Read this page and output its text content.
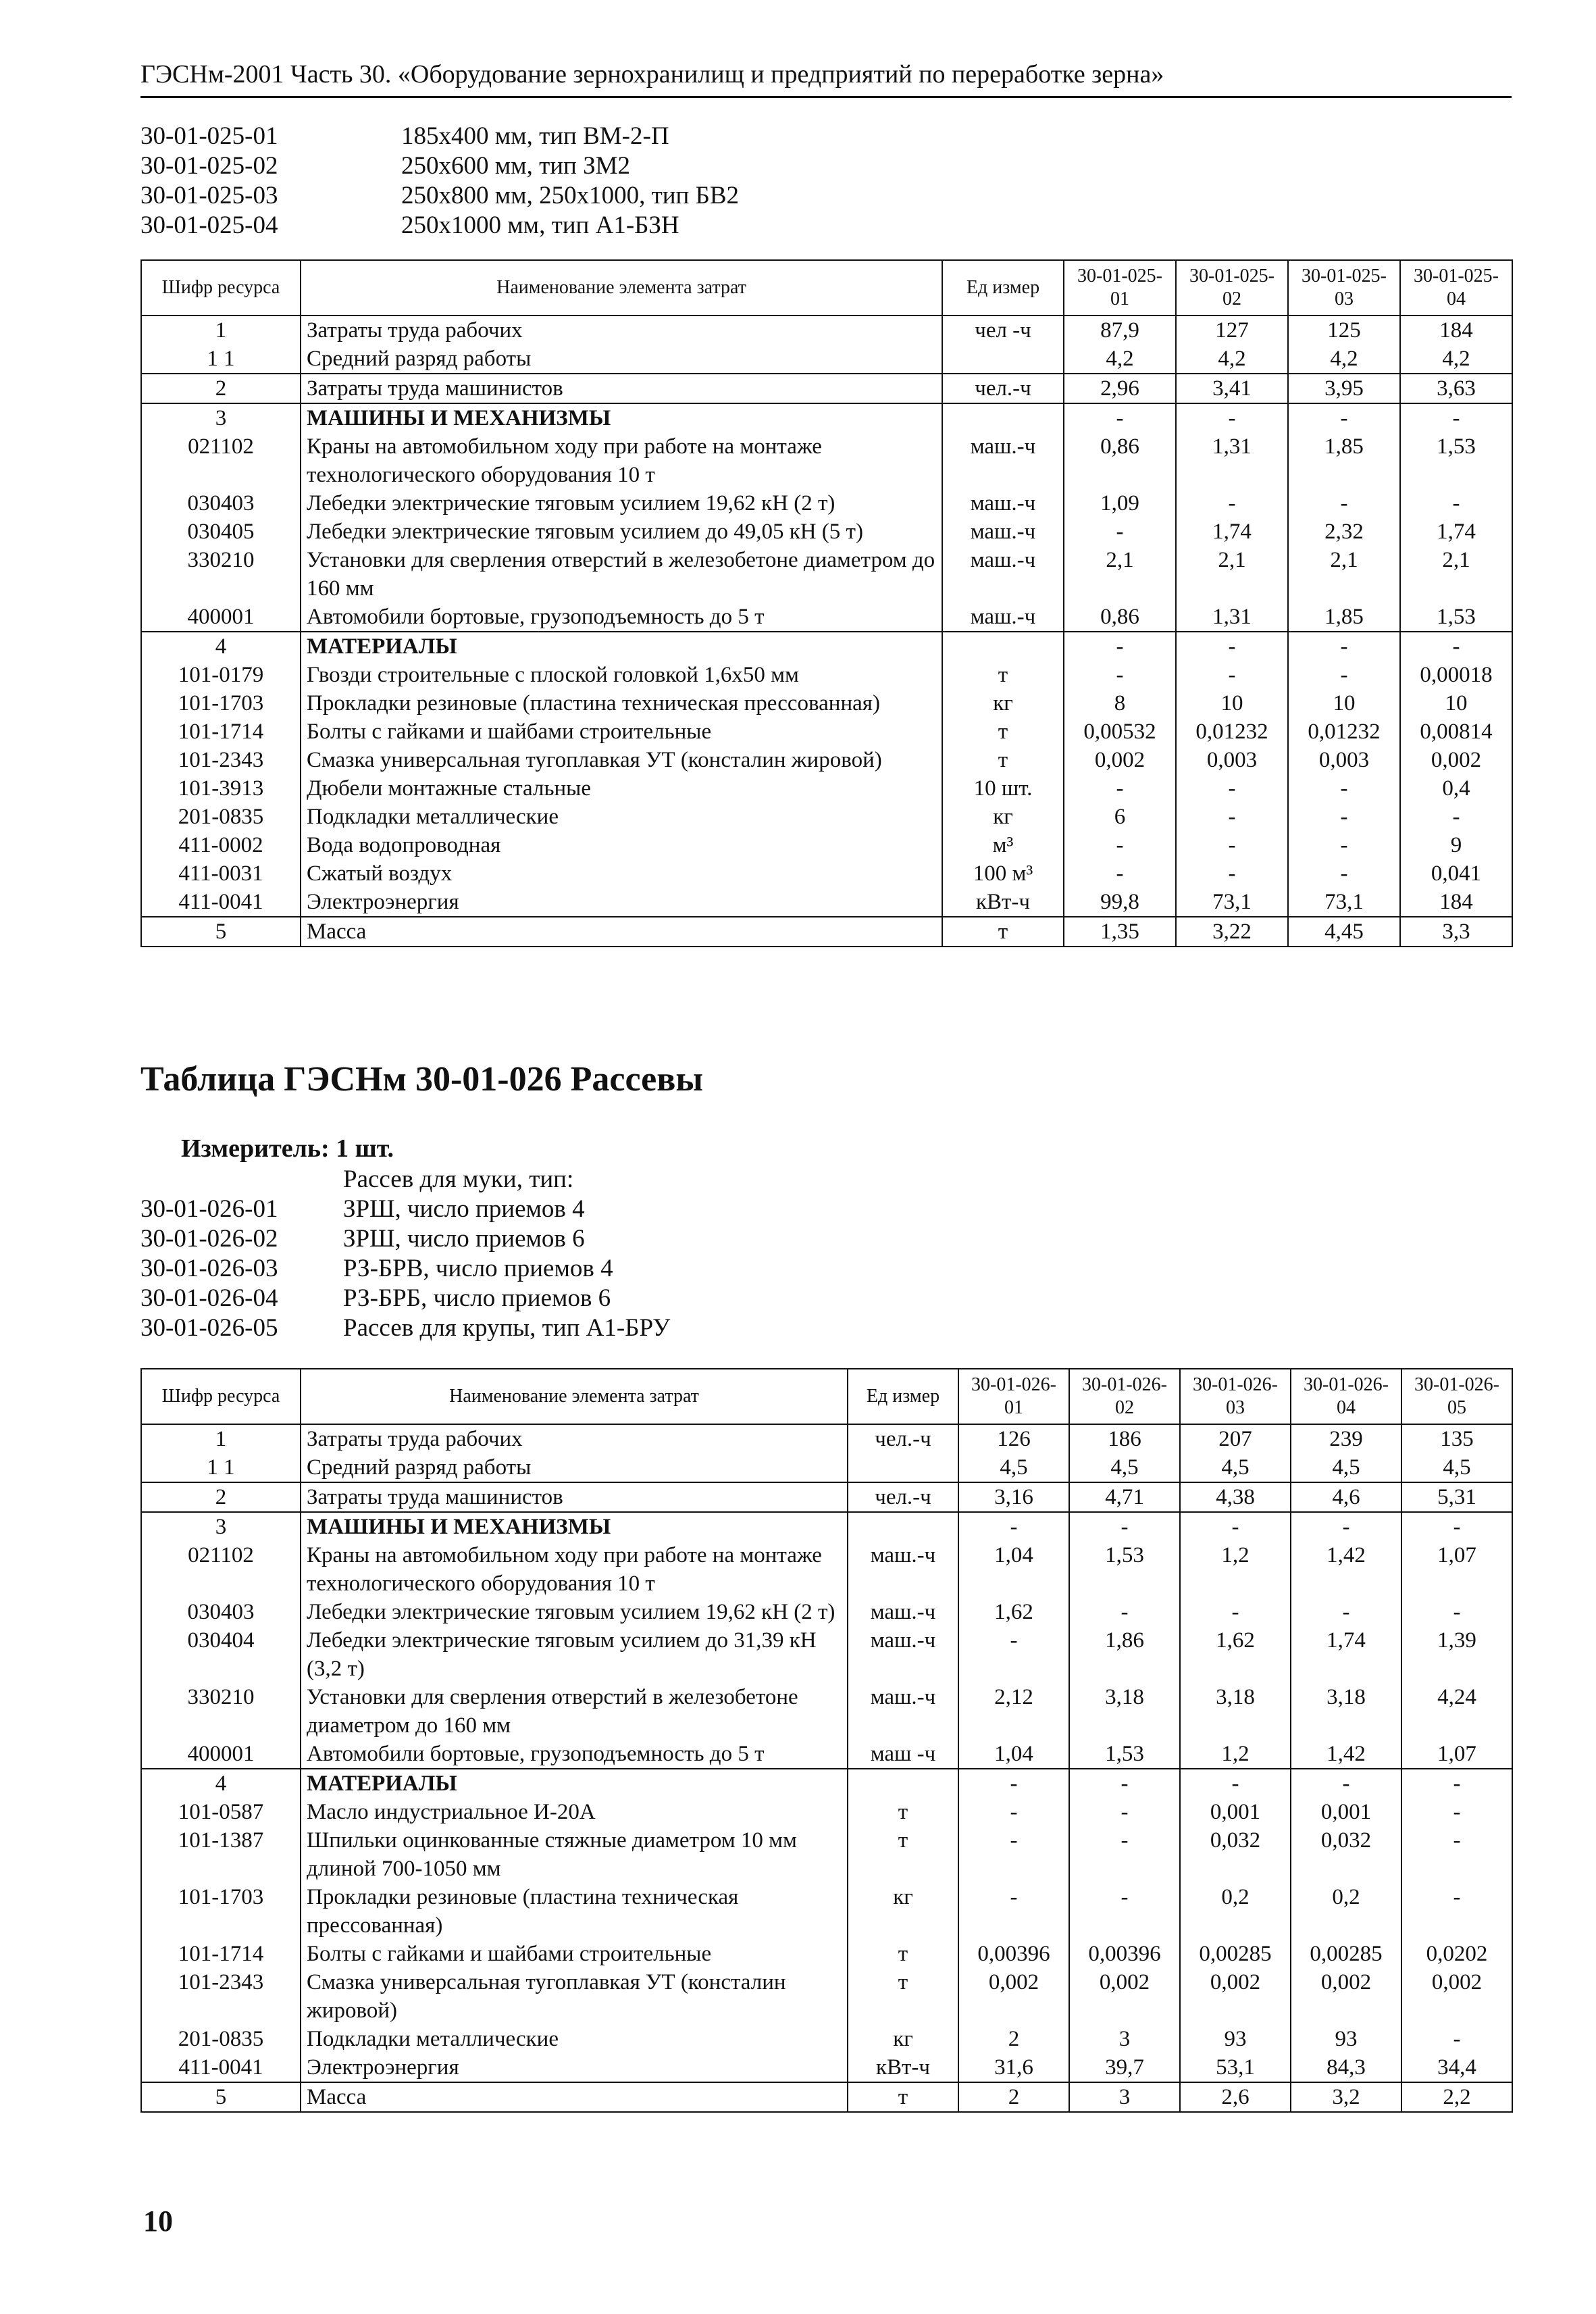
ГЭСНм-2001 Часть 30. «Оборудование зернохранилищ и предприятий по переработке зерна»
30-01-025-01	185x400 мм, тип ВМ-2-П
30-01-025-02	250x600 мм, тип ЗМ2
30-01-025-03	250x800 мм, 250x1000, тип БВ2
30-01-025-04	250x1000 мм, тип А1-БЗН
Шифр ресурса	Наименование элемента затрат	Ед измер	30-01-025-01	30-01-025-02	30-01-025-03	30-01-025-04
1	Затраты труда рабочих	чел -ч	87,9	127	125	184
1 1	Средний разряд работы		4,2	4,2	4,2	4,2
2	Затраты труда машинистов	чел.-ч	2,96	3,41	3,95	3,63
3	МАШИНЫ И МЕХАНИЗМЫ		-	-	-	-
021102	Краны на автомобильном ходу при работе на монтаже технологического оборудования 10 т	маш.-ч	0,86	1,31	1,85	1,53
030403	Лебедки электрические тяговым усилием 19,62 кН (2 т)	маш.-ч	1,09	-	-	-
030405	Лебедки электрические тяговым усилием до 49,05 кН (5 т)	маш.-ч	-	1,74	2,32	1,74
330210	Установки для сверления отверстий в железобетоне диаметром до 160 мм	маш.-ч	2,1	2,1	2,1	2,1
400001	Автомобили бортовые, грузоподъемность до 5 т	маш.-ч	0,86	1,31	1,85	1,53
4	МАТЕРИАЛЫ		-	-	-	-
101-0179	Гвозди строительные с плоской головкой 1,6x50 мм	т	-	-	-	0,00018
101-1703	Прокладки резиновые (пластина техническая прессованная)	кг	8	10	10	10
101-1714	Болты с гайками и шайбами строительные	т	0,00532	0,01232	0,01232	0,00814
101-2343	Смазка универсальная тугоплавкая УТ (консталин жировой)	т	0,002	0,003	0,003	0,002
101-3913	Дюбели монтажные стальные	10 шт.	-	-	-	0,4
201-0835	Подкладки металлические	кг	6	-	-	-
411-0002	Вода водопроводная	м³	-	-	-	9
411-0031	Сжатый воздух	100 м³	-	-	-	0,041
411-0041	Электроэнергия	кВт-ч	99,8	73,1	73,1	184
5	Масса	т	1,35	3,22	4,45	3,3
Таблица ГЭСНм 30-01-026 Рассевы
Измеритель: 1 шт.
Рассев для муки, тип:
30-01-026-01	ЗРШ, число приемов 4
30-01-026-02	ЗРШ, число приемов 6
30-01-026-03	РЗ-БРВ, число приемов 4
30-01-026-04	РЗ-БРБ, число приемов 6
30-01-026-05	Рассев для крупы, тип А1-БРУ
Шифр ресурса	Наименование элемента затрат	Ед измер	30-01-026-01	30-01-026-02	30-01-026-03	30-01-026-04	30-01-026-05
1	Затраты труда рабочих	чел.-ч	126	186	207	239	135
1 1	Средний разряд работы		4,5	4,5	4,5	4,5	4,5
2	Затраты труда машинистов	чел.-ч	3,16	4,71	4,38	4,6	5,31
3	МАШИНЫ И МЕХАНИЗМЫ		-	-	-	-	-
021102	Краны на автомобильном ходу при работе на монтаже технологического оборудования 10 т	маш.-ч	1,04	1,53	1,2	1,42	1,07
030403	Лебедки электрические тяговым усилием 19,62 кН (2 т)	маш.-ч	1,62	-	-	-	-
030404	Лебедки электрические тяговым усилием до 31,39 кН (3,2 т)	маш.-ч	-	1,86	1,62	1,74	1,39
330210	Установки для сверления отверстий в железобетоне диаметром до 160 мм	маш.-ч	2,12	3,18	3,18	3,18	4,24
400001	Автомобили бортовые, грузоподъемность до 5 т	маш -ч	1,04	1,53	1,2	1,42	1,07
4	МАТЕРИАЛЫ		-	-	-	-	-
101-0587	Масло индустриальное И-20А	т	-	-	0,001	0,001	-
101-1387	Шпильки оцинкованные стяжные диаметром 10 мм длиной 700-1050 мм	т	-	-	0,032	0,032	-
101-1703	Прокладки резиновые (пластина техническая прессованная)	кг	-	-	0,2	0,2	-
101-1714	Болты с гайками и шайбами строительные	т	0,00396	0,00396	0,00285	0,00285	0,0202
101-2343	Смазка универсальная тугоплавкая УТ (консталин жировой)	т	0,002	0,002	0,002	0,002	0,002
201-0835	Подкладки металлические	кг	2	3	93	93	-
411-0041	Электроэнергия	кВт-ч	31,6	39,7	53,1	84,3	34,4
5	Масса	т	2	3	2,6	3,2	2,2
10
